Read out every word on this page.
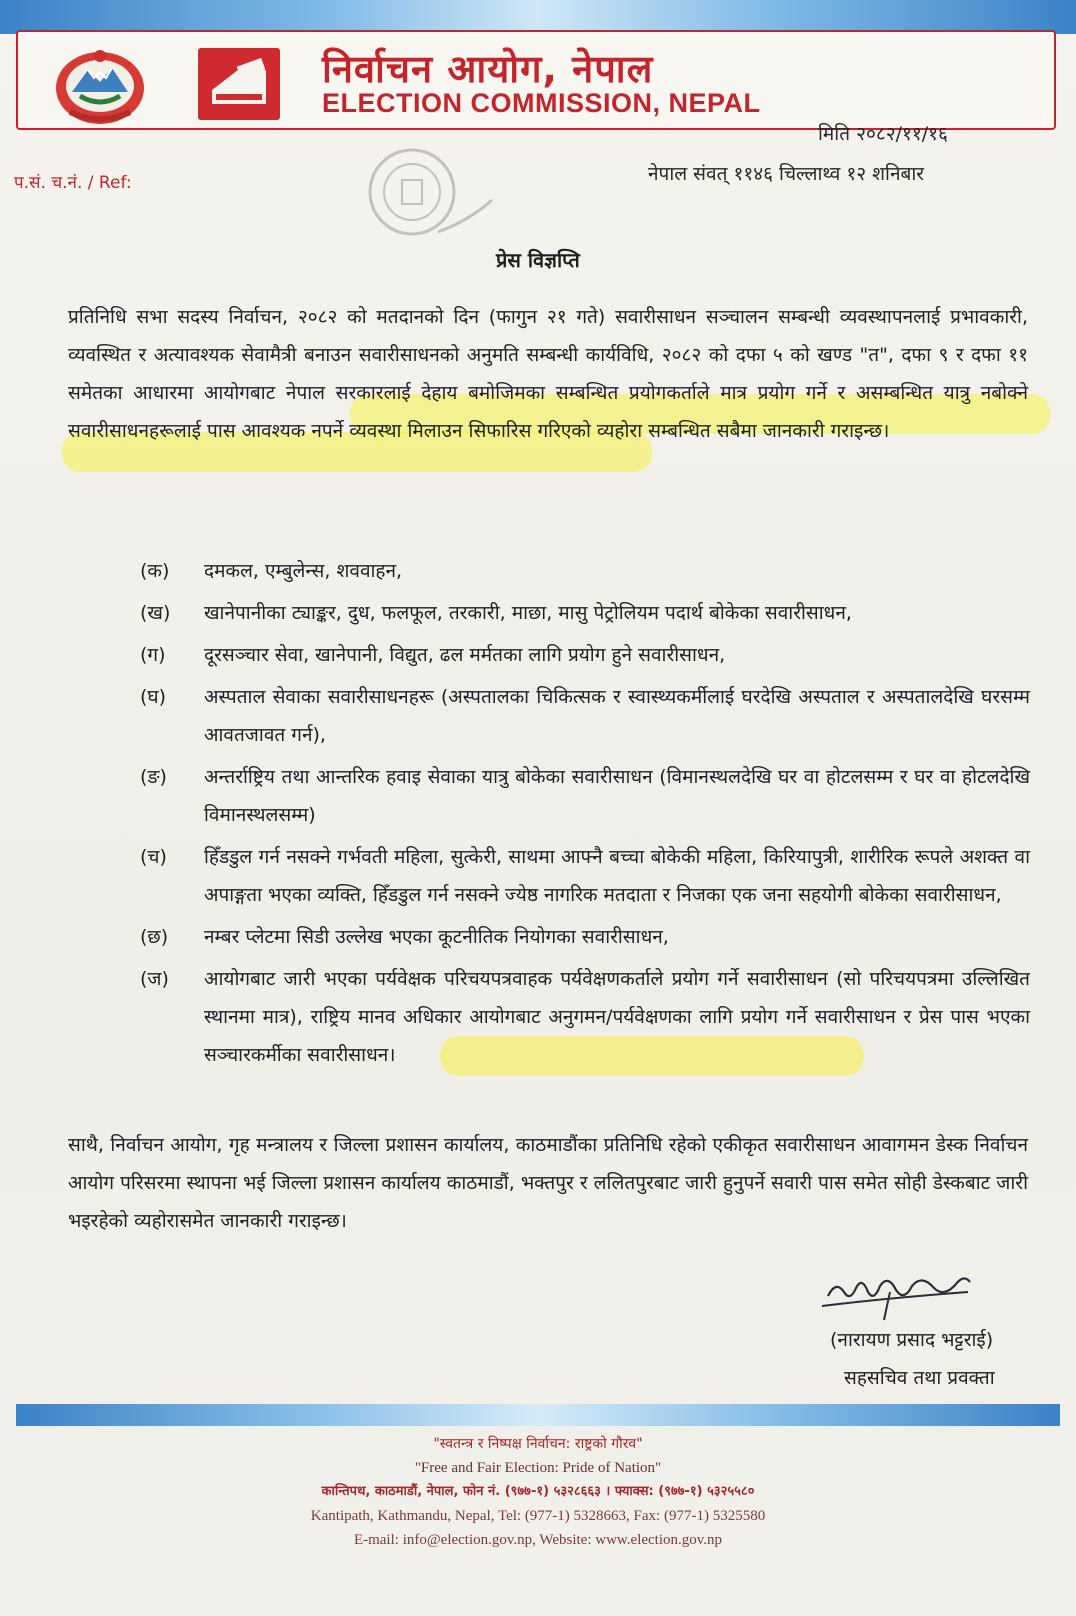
निर्वाचन आयोग, नेपाल
ELECTION COMMISSION, NEPAL
मिति २०८२/११/१६
नेपाल संवत् ११४६ चिल्लाथ्व १२ शनिबार
प.सं. च.नं. / Ref:
प्रेस विज्ञप्ति

प्रतिनिधि सभा सदस्य निर्वाचन, २०८२ को मतदानको दिन (फागुन २१ गते) सवारीसाधन सञ्चालन सम्बन्धी व्यवस्थापनलाई प्रभावकारी, व्यवस्थित र अत्यावश्यक सेवामैत्री बनाउन सवारीसाधनको अनुमति सम्बन्धी कार्यविधि, २०८२ को दफा ५ को खण्ड "त", दफा ९ र दफा ११ समेतका आधारमा आयोगबाट नेपाल सरकारलाई देहाय बमोजिमका सम्बन्धित प्रयोगकर्ताले मात्र प्रयोग गर्ने र असम्बन्धित यात्रु नबोक्ने सवारीसाधनहरूलाई पास आवश्यक नपर्ने व्यवस्था मिलाउन सिफारिस गरिएको व्यहोरा सम्बन्धित सबैमा जानकारी गराइन्छ।

(क)	दमकल, एम्बुलेन्स, शववाहन,
(ख)	खानेपानीका ट्याङ्कर, दुध, फलफूल, तरकारी, माछा, मासु पेट्रोलियम पदार्थ बोकेका सवारीसाधन,
(ग)	दूरसञ्चार सेवा, खानेपानी, विद्युत, ढल मर्मतका लागि प्रयोग हुने सवारीसाधन,
(घ)	अस्पताल सेवाका सवारीसाधनहरू (अस्पतालका चिकित्सक र स्वास्थ्यकर्मीलाई घरदेखि अस्पताल र अस्पतालदेखि घरसम्म आवतजावत गर्न),
(ङ)	अन्तर्राष्ट्रिय तथा आन्तरिक हवाइ सेवाका यात्रु बोकेका सवारीसाधन (विमानस्थलदेखि घर वा होटलसम्म र घर वा होटलदेखि विमानस्थलसम्म)
(च)	हिँडडुल गर्न नसक्ने गर्भवती महिला, सुत्केरी, साथमा आफ्नै बच्चा बोकेकी महिला, किरियापुत्री, शारीरिक रूपले अशक्त वा अपाङ्गता भएका व्यक्ति, हिँडडुल गर्न नसक्ने ज्येष्ठ नागरिक मतदाता र निजका एक जना सहयोगी बोकेका सवारीसाधन,
(छ)	नम्बर प्लेटमा सिडी उल्लेख भएका कूटनीतिक नियोगका सवारीसाधन,
(ज)	आयोगबाट जारी भएका पर्यवेक्षक परिचयपत्रवाहक पर्यवेक्षणकर्ताले प्रयोग गर्ने सवारीसाधन (सो परिचयपत्रमा उल्लिखित स्थानमा मात्र), राष्ट्रिय मानव अधिकार आयोगबाट अनुगमन/पर्यवेक्षणका लागि प्रयोग गर्ने सवारीसाधन र प्रेस पास भएका सञ्चारकर्मीका सवारीसाधन।

साथै, निर्वाचन आयोग, गृह मन्त्रालय र जिल्ला प्रशासन कार्यालय, काठमाडौंका प्रतिनिधि रहेको एकीकृत सवारीसाधन आवागमन डेस्क निर्वाचन आयोग परिसरमा स्थापना भई जिल्ला प्रशासन कार्यालय काठमाडौं, भक्तपुर र ललितपुरबाट जारी हुनुपर्ने सवारी पास समेत सोही डेस्कबाट जारी भइरहेको व्यहोरासमेत जानकारी गराइन्छ।

(नारायण प्रसाद भट्टराई)
सहसचिव तथा प्रवक्ता
"स्वतन्त्र र निष्पक्ष निर्वाचन: राष्ट्रको गौरव"
"Free and Fair Election: Pride of Nation"
कान्तिपथ, काठमाडौं, नेपाल, फोन नं. (९७७-१) ५३२८६६३ । फ्याक्स: (९७७-१) ५३२५५८०
Kantipath, Kathmandu, Nepal, Tel: (977-1) 5328663, Fax: (977-1) 5325580
E-mail: info@election.gov.np, Website: www.election.gov.np
